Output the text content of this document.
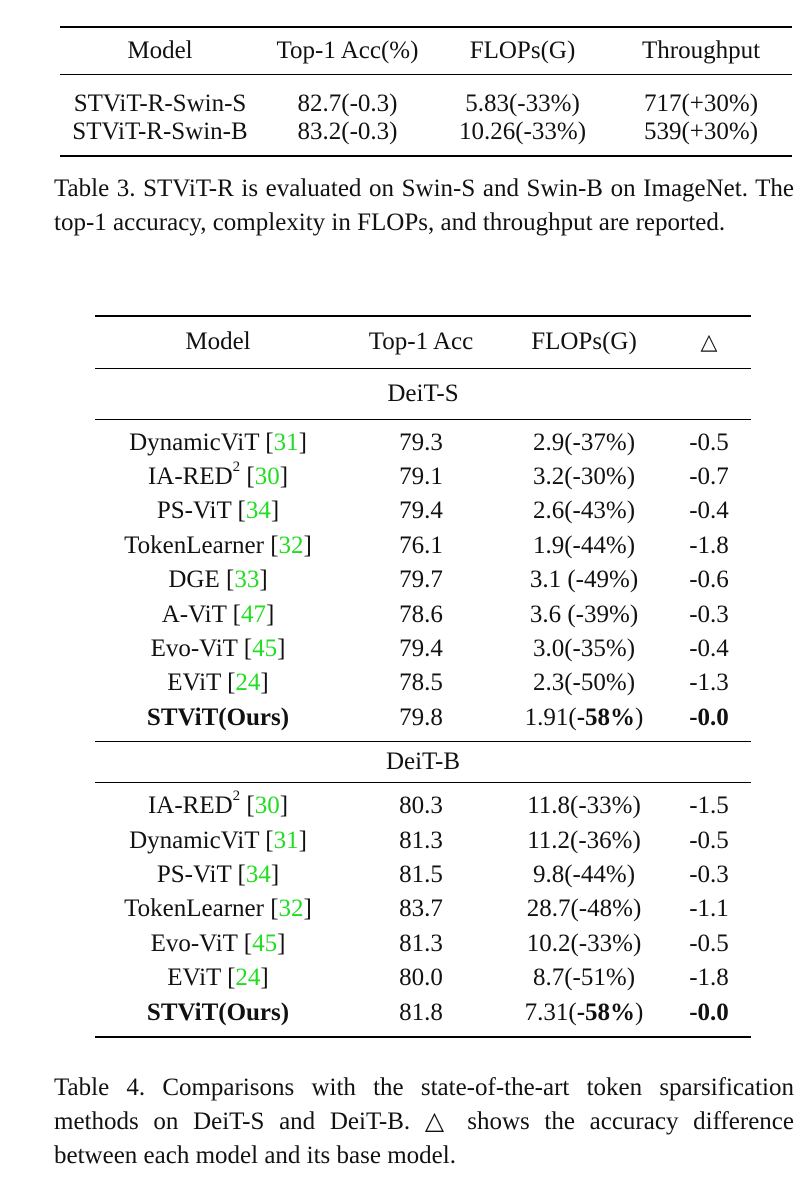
Model	Top-1 Acc(%)	FLOPs(G)	Throughput
STViT-R-Swin-S	82.7(-0.3)	5.83(-33%)	717(+30%)
STViT-R-Swin-B	83.2(-0.3)	10.26(-33%)	539(+30%)
Table 3. STViT-R is evaluated on Swin-S and Swin-B on ImageNet. The top-1 accuracy, complexity in FLOPs, and throughput are reported.
Model	Top-1 Acc	FLOPs(G)	△
DeiT-S			
DynamicViT [31]	79.3	2.9(-37%)	-0.5
IA-RED$^2$ [30]	79.1	3.2(-30%)	-0.7
PS-ViT [34]	79.4	2.6(-43%)	-0.4
TokenLearner [32]	76.1	1.9(-44%)	-1.8
DGE [33]	79.7	3.1 (-49%)	-0.6
A-ViT [47]	78.6	3.6 (-39%)	-0.3
Evo-ViT [45]	79.4	3.0(-35%)	-0.4
EViT [24]	78.5	2.3(-50%)	-1.3
STViT(Ours)	79.8	1.91(-58%)	-0.0
DeiT-B			
IA-RED$^2$ [30]	80.3	11.8(-33%)	-1.5
DynamicViT [31]	81.3	11.2(-36%)	-0.5
PS-ViT [34]	81.5	9.8(-44%)	-0.3
TokenLearner [32]	83.7	28.7(-48%)	-1.1
Evo-ViT [45]	81.3	10.2(-33%)	-0.5
EViT [24]	80.0	8.7(-51%)	-1.8
STViT(Ours)	81.8	7.31(-58%)	-0.0
Table 4. Comparisons with the state-of-the-art token sparsification methods on DeiT-S and DeiT-B. △ shows the accuracy difference between each model and its base model.
